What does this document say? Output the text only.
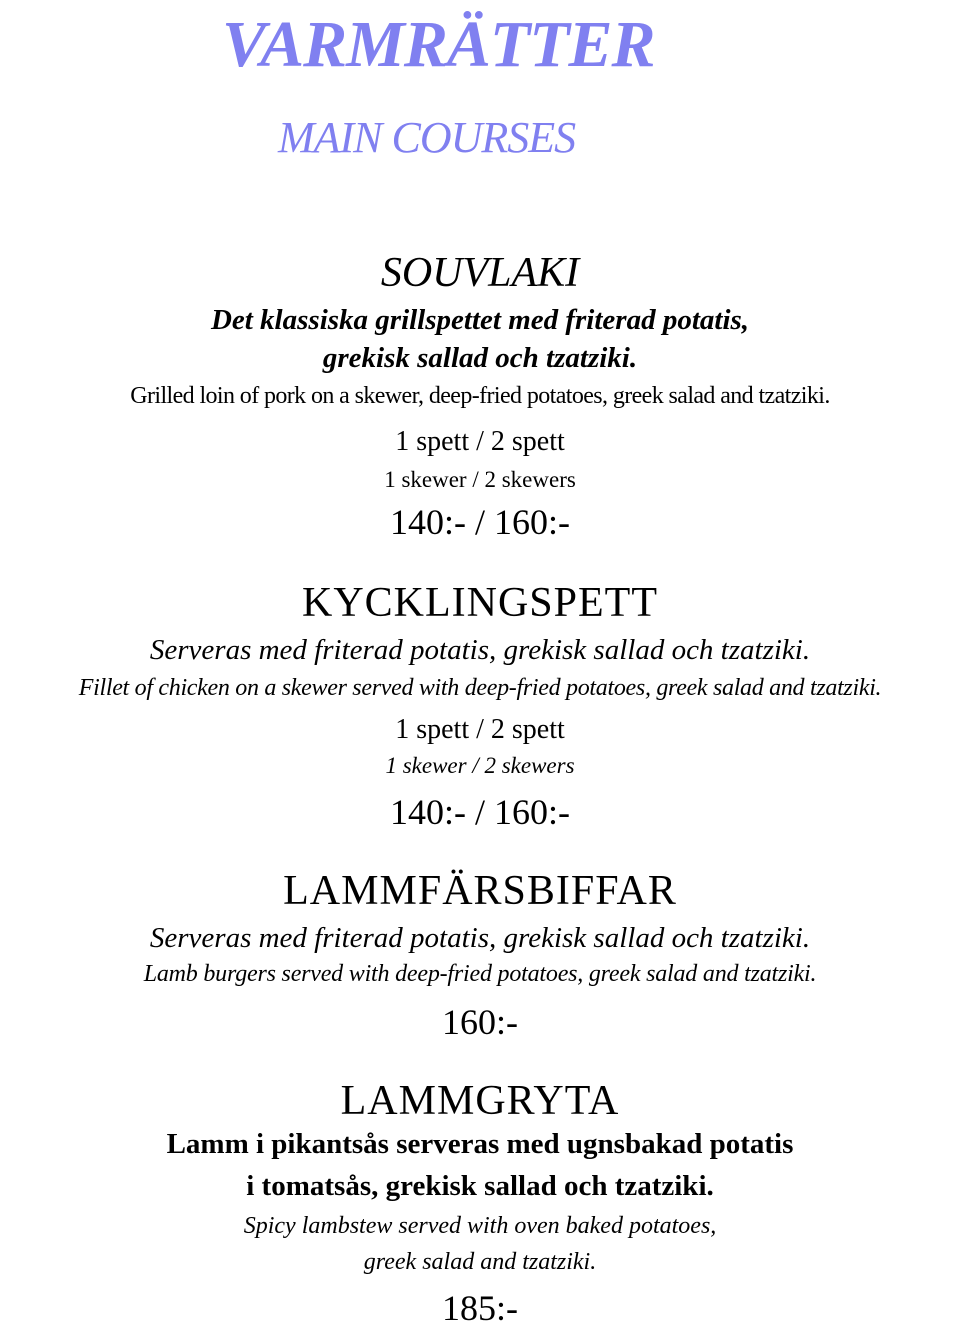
VARMRÄTTER
MAIN COURSES
SOUVLAKI
Det klassiska grillspettet med friterad potatis,
grekisk sallad och tzatziki.
Grilled loin of pork on a skewer, deep-fried potatoes, greek salad and tzatziki.
1 spett / 2 spett
1 skewer / 2 skewers
140:- / 160:-
KYCKLINGSPETT
Serveras med friterad potatis, grekisk sallad och tzatziki.
Fillet of chicken on a skewer served with deep-fried potatoes, greek salad and tzatziki.
1 spett / 2 spett
1 skewer / 2 skewers
140:- / 160:-
LAMMFÄRSBIFFAR
Serveras med friterad potatis, grekisk sallad och tzatziki.
Lamb burgers served with deep-fried potatoes, greek salad and tzatziki.
160:-
LAMMGRYTA
Lamm i pikantsås serveras med ugnsbakad potatis
i tomatsås, grekisk sallad och tzatziki.
Spicy lambstew served with oven baked potatoes,
greek salad and tzatziki.
185:-
